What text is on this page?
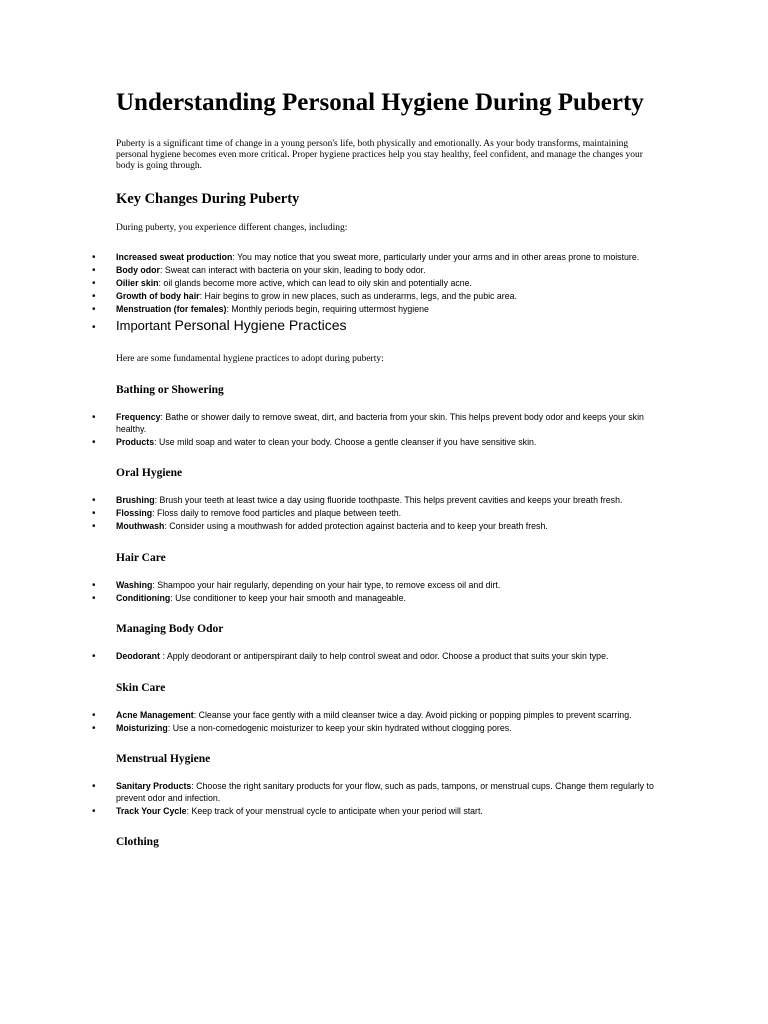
Understanding Personal Hygiene During Puberty

Puberty is a significant time of change in a young person's life, both physically and emotionally. As your body transforms, maintaining personal hygiene becomes even more critical. Proper hygiene practices help you stay healthy, feel confident, and manage the changes your body is going through.

Key Changes During Puberty

During puberty, you experience different changes, including:

• Increased sweat production: You may notice that you sweat more, particularly under your arms and in other areas prone to moisture.
• Body odor: Sweat can interact with bacteria on your skin, leading to body odor.
• Oilier skin: oil glands become more active, which can lead to oily skin and potentially acne.
• Growth of body hair: Hair begins to grow in new places, such as underarms, legs, and the pubic area.
• Menstruation (for females): Monthly periods begin, requiring uttermost hygiene
• Important Personal Hygiene Practices

Here are some fundamental hygiene practices to adopt during puberty:

Bathing or Showering
• Frequency: Bathe or shower daily to remove sweat, dirt, and bacteria from your skin. This helps prevent body odor and keeps your skin healthy.
• Products: Use mild soap and water to clean your body. Choose a gentle cleanser if you have sensitive skin.
Oral Hygiene
• Brushing: Brush your teeth at least twice a day using fluoride toothpaste. This helps prevent cavities and keeps your breath fresh.
• Flossing: Floss daily to remove food particles and plaque between teeth.
• Mouthwash: Consider using a mouthwash for added protection against bacteria and to keep your breath fresh.
Hair Care
• Washing: Shampoo your hair regularly, depending on your hair type, to remove excess oil and dirt.
• Conditioning: Use conditioner to keep your hair smooth and manageable.
Managing Body Odor
• Deodorant : Apply deodorant or antiperspirant daily to help control sweat and odor. Choose a product that suits your skin type.
Skin Care
• Acne Management: Cleanse your face gently with a mild cleanser twice a day. Avoid picking or popping pimples to prevent scarring.
• Moisturizing: Use a non-comedogenic moisturizer to keep your skin hydrated without clogging pores.
Menstrual Hygiene
• Sanitary Products: Choose the right sanitary products for your flow, such as pads, tampons, or menstrual cups. Change them regularly to prevent odor and infection.
• Track Your Cycle: Keep track of your menstrual cycle to anticipate when your period will start.
Clothing
